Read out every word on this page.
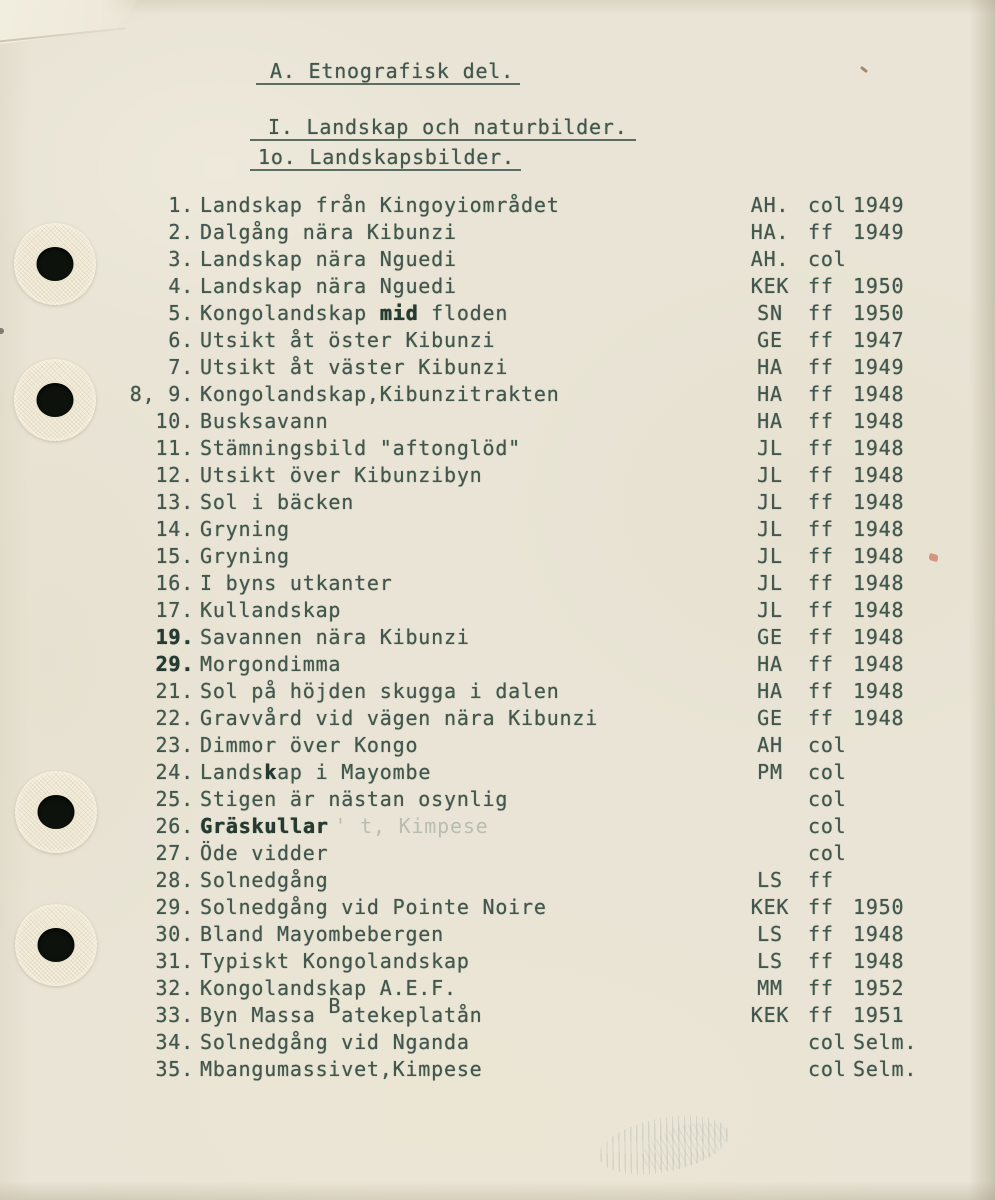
A. Etnografisk del.
I. Landskap och naturbilder.
1o. Landskapsbilder.
1. Landskap från Kingoyiområdet	AH. col 1949
2. Dalgång nära Kibunzi	HA. ff 1949
3. Landskap nära Nguedi	AH. col
4. Landskap nära Nguedi	KEK ff 1950
5. Kongolandskap mid floden	SN	ff 1950
6. Utsikt åt öster Kibunzi	GE	ff 1947
7. Utsikt åt väster Kibunzi	HA	ff 1949
8, 9. Kongolandskap,Kibunzitrakten	HA	ff 1948
10. Busksavann	HA	ff 1948
11. Stämningsbild "aftonglöd"	JL	ff 1948
12. Utsikt över Kibunzibyn	JL	ff 1948
13. Sol i bäcken	JL	ff 1948
14. Gryning	JL	ff 1948
15. Gryning	JL	ff 1948
16. I byns utkanter	JL	ff 1948
17. Kullandskap	JL	ff 1948
19. Savannen nära Kibunzi	GE	ff 1948
29. Morgondimma	HA	ff 1948
21. Sol på höjden skugga i dalen	HA	ff 1948
22. Gravvård vid vägen nära Kibunzi	GE	ff 1948
23. Dimmor över Kongo	AH	col
24. Landskap i Mayombe	PM	col
25. Stigen är nästan osynlig	col
26. Gräskullar ' t, Kimpese	col
27. Öde vidder	col
28. Solnedgång	LS	ff
29. Solnedgång vid Pointe Noire	KEK ff 1950
30. Bland Mayombebergen	LS	ff 1948
31. Typiskt Kongolandskap	LS	ff 1948
32. Kongolandskap A.E.F.	MM	ff 1952
33. Byn Massa Batekeplatån	KEK ff 1951
34. Solnedgång vid Nganda	col Selm.
35. Mbangumassivet,Kimpese	col Selm.
